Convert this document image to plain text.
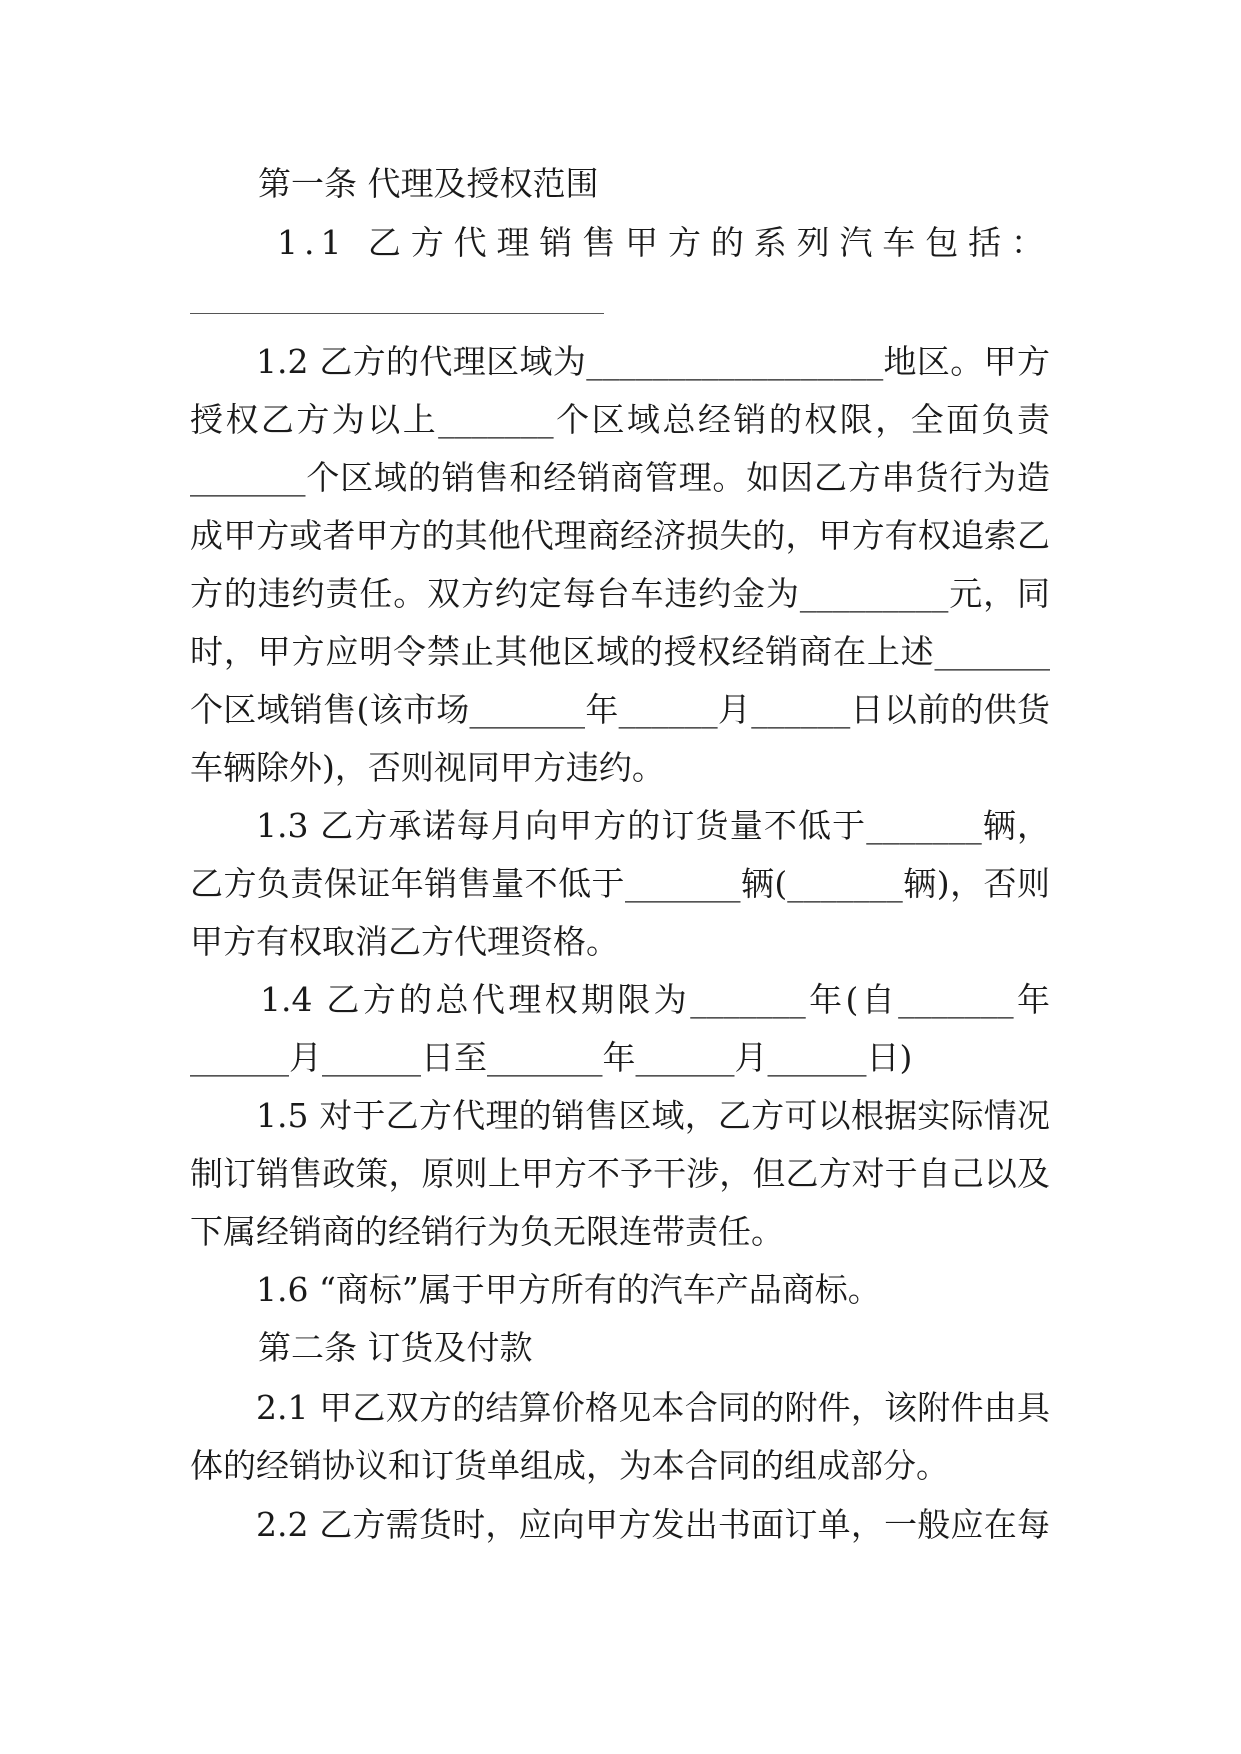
第一条 代理及授权范围
1.1 乙方代理销售甲方的系列汽车包括：
1.2 乙方的代理区域为__________________地区。甲方
授权乙方为以上_______个区域总经销的权限，全面负责
_______个区域的销售和经销商管理。如因乙方串货行为造
成甲方或者甲方的其他代理商经济损失的，甲方有权追索乙
方的违约责任。双方约定每台车违约金为_________元，同
时，甲方应明令禁止其他区域的授权经销商在上述_______
个区域销售(该市场_______年______月______日以前的供货
车辆除外)，否则视同甲方违约。
1.3 乙方承诺每月向甲方的订货量不低于_______辆，
乙方负责保证年销售量不低于_______辆(_______辆)，否则
甲方有权取消乙方代理资格。
1.4 乙方的总代理权期限为_______年(自_______年
______月______日至_______年______月______日)
1.5 对于乙方代理的销售区域，乙方可以根据实际情况
制订销售政策，原则上甲方不予干涉，但乙方对于自己以及
下属经销商的经销行为负无限连带责任。
1.6 “商标”属于甲方所有的汽车产品商标。
第二条 订货及付款
2.1 甲乙双方的结算价格见本合同的附件，该附件由具
体的经销协议和订货单组成，为本合同的组成部分。
2.2 乙方需货时，应向甲方发出书面订单，一般应在每
